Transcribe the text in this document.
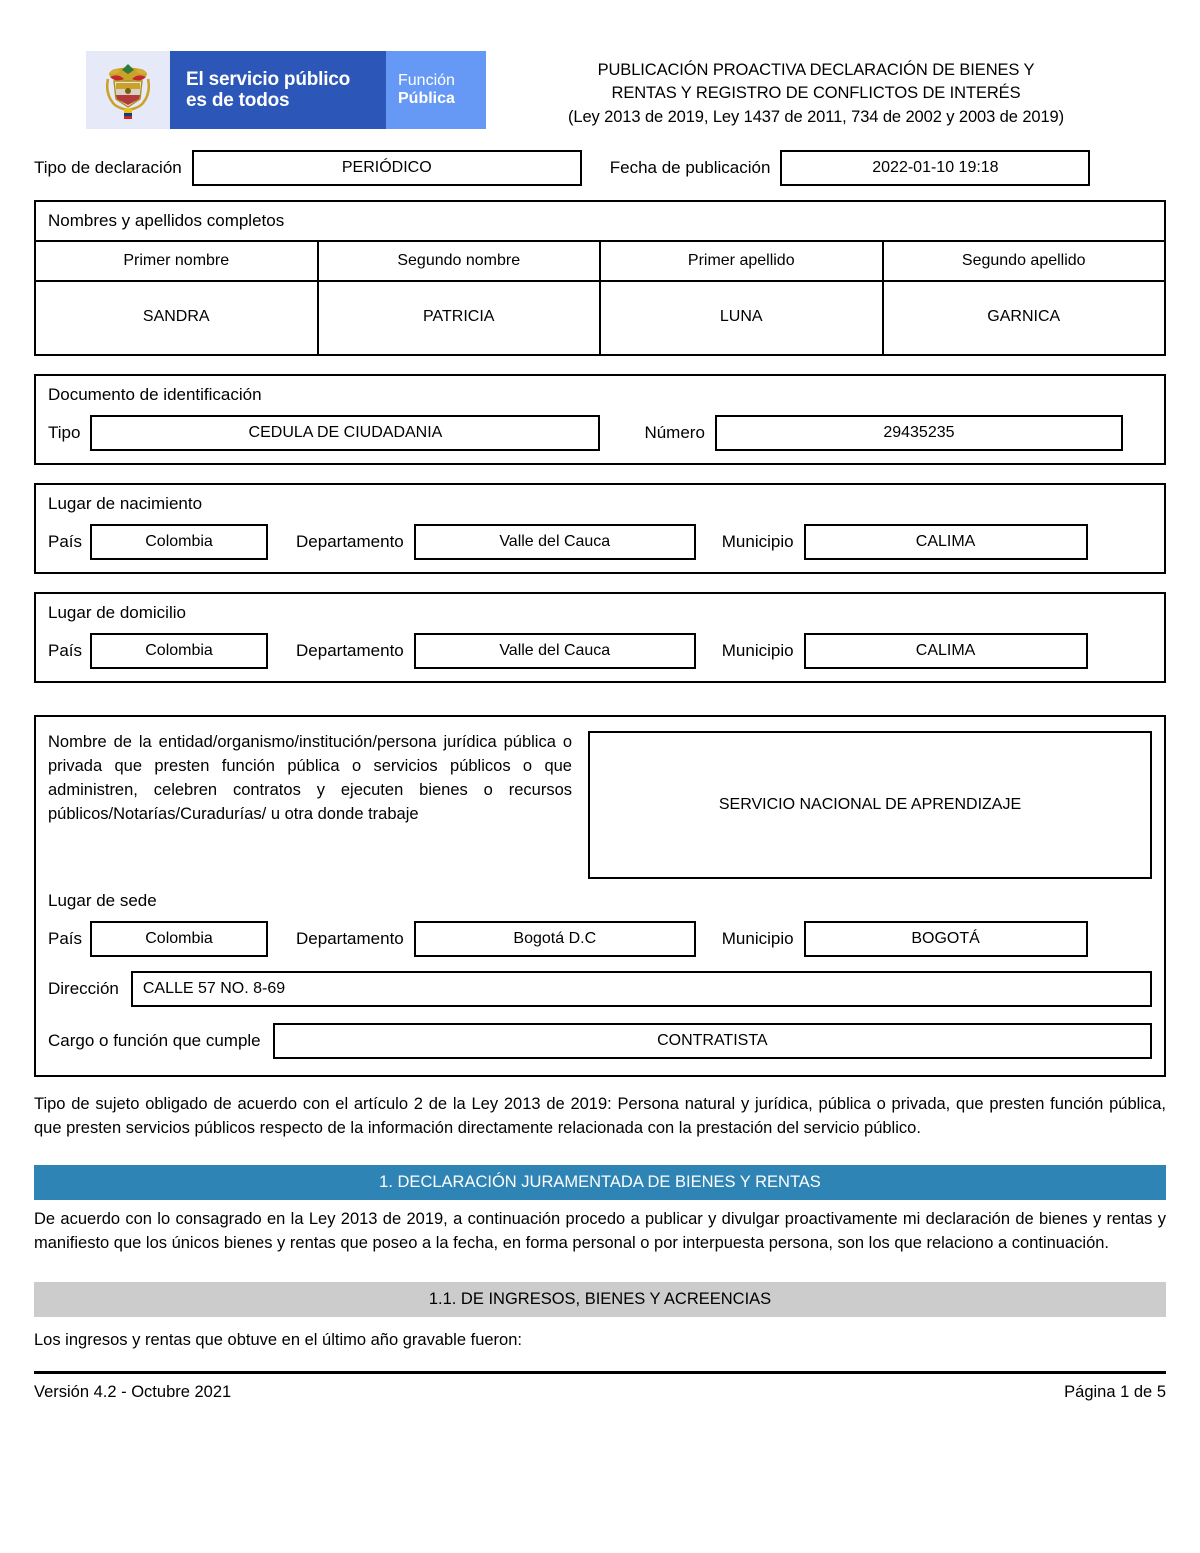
El servicio público
es de todos
Función
Pública
PUBLICACIÓN PROACTIVA DECLARACIÓN DE BIENES Y
RENTAS Y REGISTRO DE CONFLICTOS DE INTERÉS
(Ley 2013 de 2019, Ley 1437 de 2011, 734 de 2002 y 2003 de 2019)
Tipo de declaración	PERIÓDICO	Fecha de publicación	2022-01-10 19:18
Nombres y apellidos completos
Primer nombre	Segundo nombre	Primer apellido	Segundo apellido
SANDRA	PATRICIA	LUNA	GARNICA
Documento de identificación
Tipo	CEDULA DE CIUDADANIA	Número	29435235
Lugar de nacimiento
País	Colombia	Departamento	Valle del Cauca	Municipio	CALIMA
Lugar de domicilio
País	Colombia	Departamento	Valle del Cauca	Municipio	CALIMA
Nombre de la entidad/organismo/institución/persona jurídica pública o privada que presten función pública o servicios públicos o que administren, celebren contratos y ejecuten bienes o recursos públicos/Notarías/Curadurías/ u otra donde trabaje
SERVICIO NACIONAL DE APRENDIZAJE
Lugar de sede
País	Colombia	Departamento	Bogotá D.C	Municipio	BOGOTÁ
Dirección	CALLE 57 NO. 8-69
Cargo o función que cumple	CONTRATISTA
Tipo de sujeto obligado de acuerdo con el artículo 2 de la Ley 2013 de 2019: Persona natural y jurídica, pública o privada, que presten función pública, que presten servicios públicos respecto de la información directamente relacionada con la prestación del servicio público.
1. DECLARACIÓN JURAMENTADA DE BIENES Y RENTAS
De acuerdo con lo consagrado en la Ley 2013 de 2019, a continuación procedo a publicar y divulgar proactivamente mi declaración de bienes y rentas y manifiesto que los únicos bienes y rentas que poseo a la fecha, en forma personal o por interpuesta persona, son los que relaciono a continuación.
1.1. DE INGRESOS, BIENES Y ACREENCIAS
Los ingresos y rentas que obtuve en el último año gravable fueron:
Versión 4.2 - Octubre 2021	Página 1 de 5
